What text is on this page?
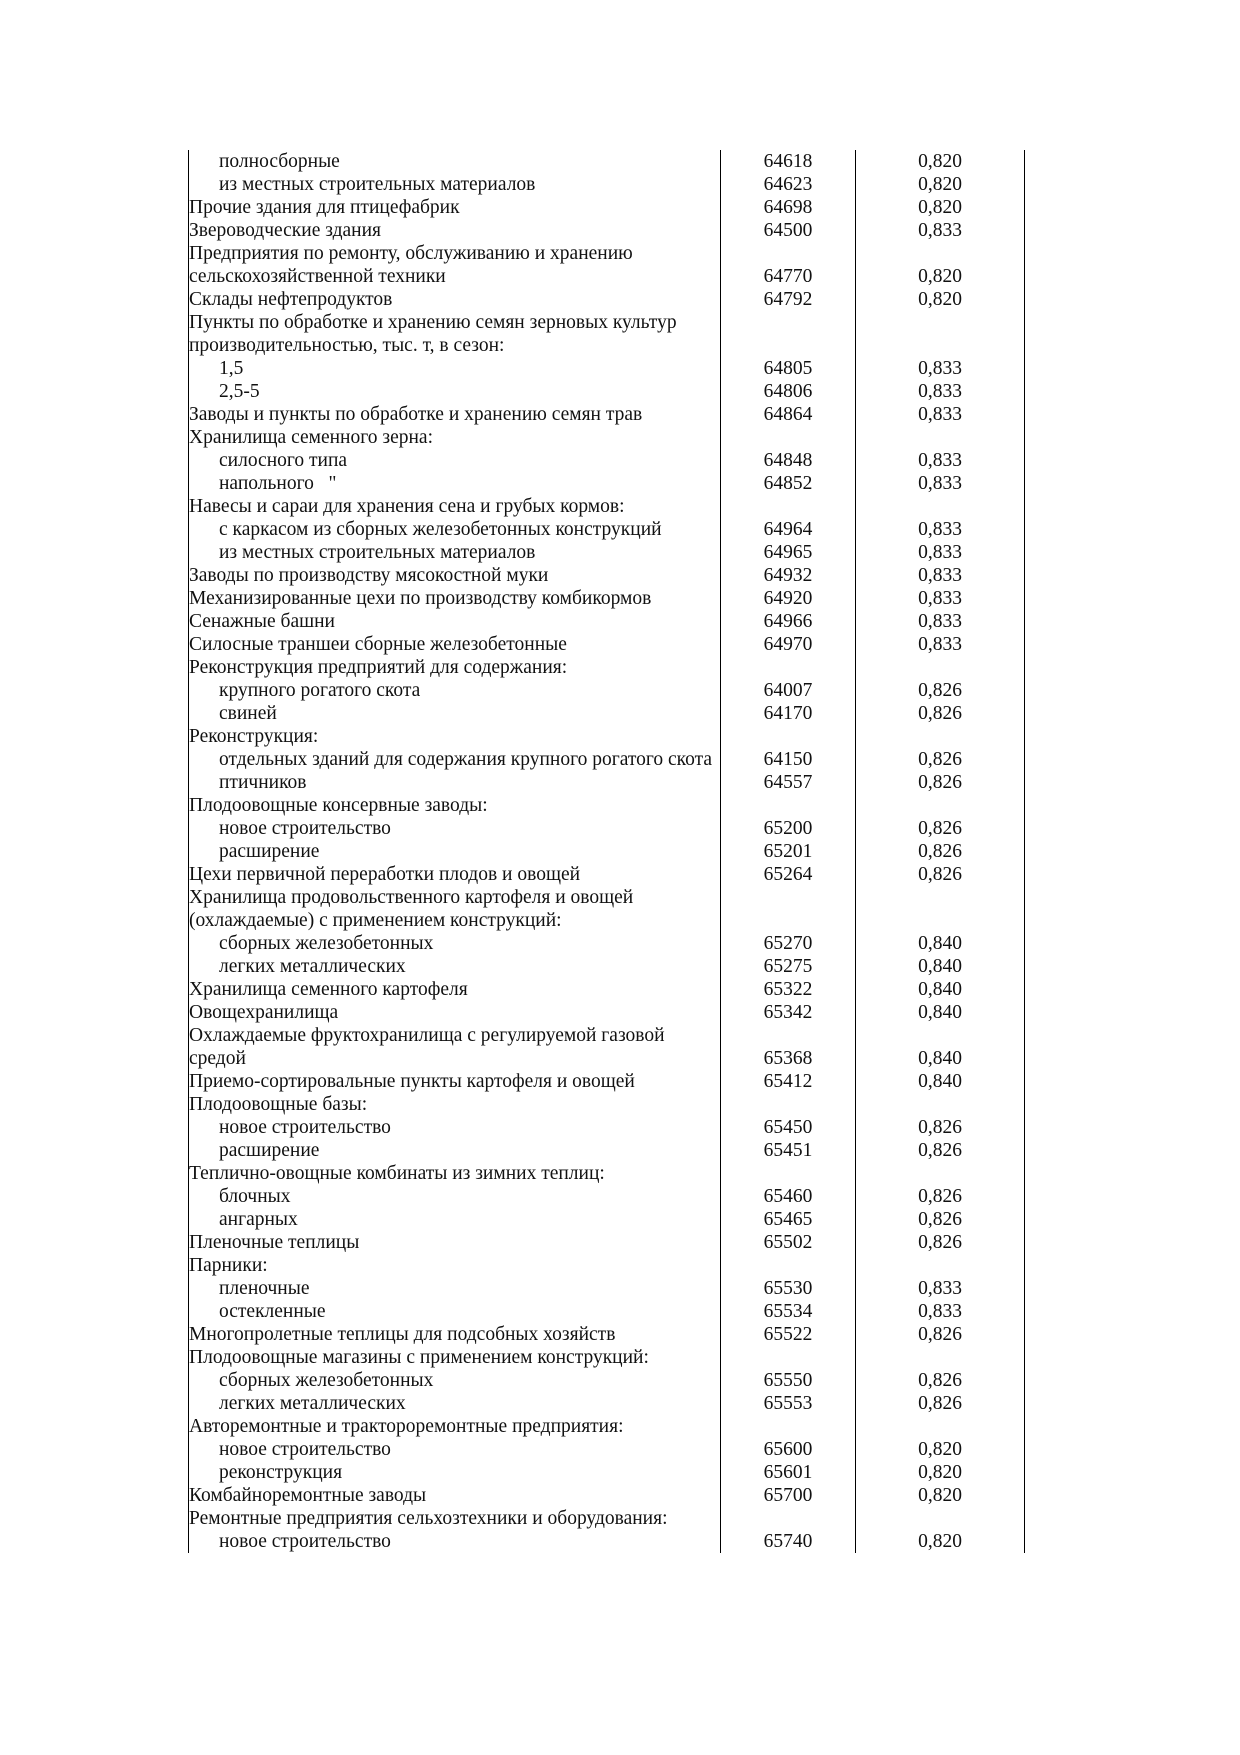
полносборные	64618	0,820
из местных строительных материалов	64623	0,820
Прочие здания для птицефабрик	64698	0,820
Звероводческие здания	64500	0,833
Предприятия по ремонту, обслуживанию и хранению сельскохозяйственной техники	64770	0,820
Склады нефтепродуктов	64792	0,820
Пункты по обработке и хранению семян зерновых культур производительностью, тыс. т, в сезон:		
1,5	64805	0,833
2,5-5	64806	0,833
Заводы и пункты по обработке и хранению семян трав	64864	0,833
Хранилища семенного зерна:		
силосного типа	64848	0,833
напольного   "	64852	0,833
Навесы и сараи для хранения сена и грубых кормов:		
с каркасом из сборных железобетонных конструкций	64964	0,833
из местных строительных материалов	64965	0,833
Заводы по производству мясокостной муки	64932	0,833
Механизированные цехи по производству комбикормов	64920	0,833
Сенажные башни	64966	0,833
Силосные траншеи сборные железобетонные	64970	0,833
Реконструкция предприятий для содержания:		
крупного рогатого скота	64007	0,826
свиней	64170	0,826
Реконструкция:		
отдельных зданий для содержания крупного рогатого скота	64150	0,826
птичников	64557	0,826
Плодоовощные консервные заводы:		
новое строительство	65200	0,826
расширение	65201	0,826
Цехи первичной переработки плодов и овощей	65264	0,826
Хранилища продовольственного картофеля и овощей (охлаждаемые) с применением конструкций:		
сборных железобетонных	65270	0,840
легких металлических	65275	0,840
Хранилища семенного картофеля	65322	0,840
Овощехранилища	65342	0,840
Охлаждаемые фруктохранилища с регулируемой газовой средой	65368	0,840
Приемо-сортировальные пункты картофеля и овощей	65412	0,840
Плодоовощные базы:		
новое строительство	65450	0,826
расширение	65451	0,826
Теплично-овощные комбинаты из зимних теплиц:		
блочных	65460	0,826
ангарных	65465	0,826
Пленочные теплицы	65502	0,826
Парники:		
пленочные	65530	0,833
остекленные	65534	0,833
Многопролетные теплицы для подсобных хозяйств	65522	0,826
Плодоовощные магазины с применением конструкций:		
сборных железобетонных	65550	0,826
легких металлических	65553	0,826
Авторемонтные и тракторoремонтные предприятия:		
новое строительство	65600	0,820
реконструкция	65601	0,820
Комбайноремонтные заводы	65700	0,820
Ремонтные предприятия сельхозтехники и оборудования:		
новое строительство	65740	0,820
